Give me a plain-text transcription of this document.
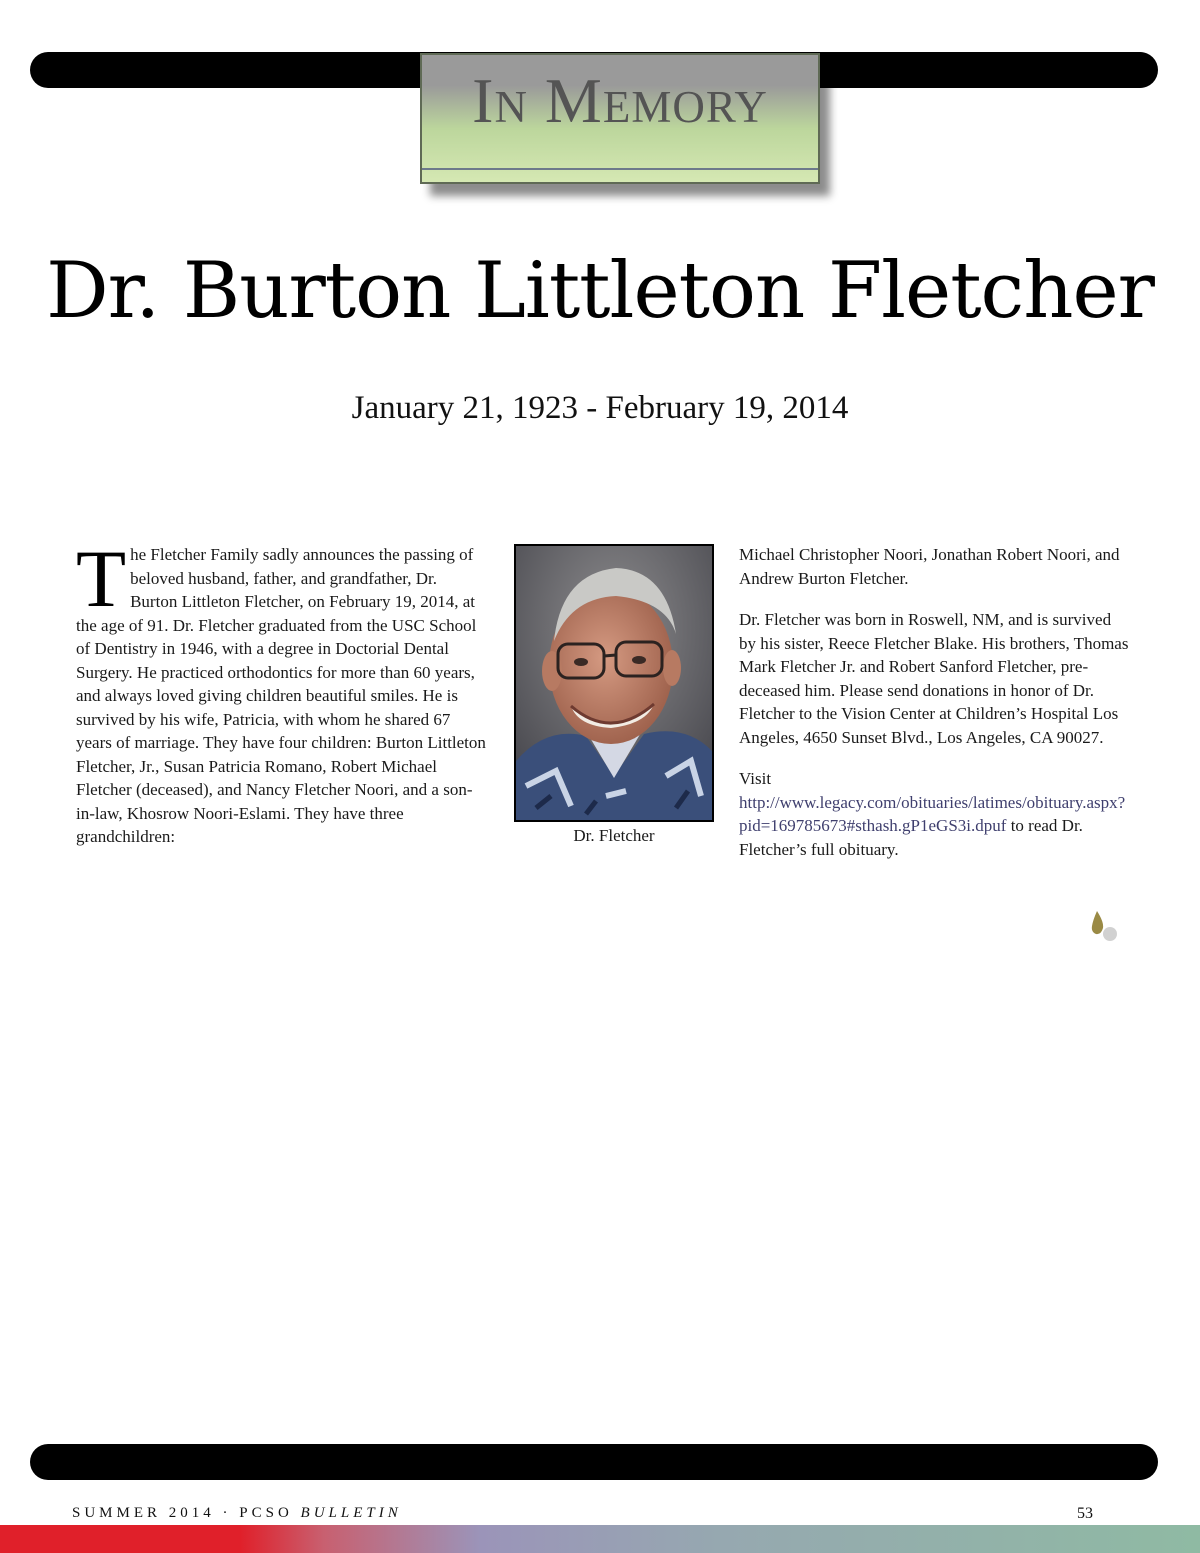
In Memory
Dr. Burton Littleton Fletcher
January 21, 1923 - February 19, 2014

The Fletcher Family sadly announces the passing of beloved husband, father, and grandfather, Dr. Burton Littleton Fletcher, on February 19, 2014, at the age of 91. Dr. Fletcher graduated from the USC School of Dentistry in 1946, with a degree in Doctorial Dental Surgery. He practiced orthodontics for more than 60 years, and always loved giving children beautiful smiles. He is survived by his wife, Patricia, with whom he shared 67 years of marriage. They have four children: Burton Littleton Fletcher, Jr., Susan Patricia Romano, Robert Michael Fletcher (deceased), and Nancy Fletcher Noori, and a son-in-law, Khosrow Noori-Eslami. They have three grandchildren:	Dr. Fletcher

Michael Christopher Noori, Jonathan Robert Noori, and Andrew Burton Fletcher.

Dr. Fletcher was born in Roswell, NM, and is survived by his sister, Reece Fletcher Blake. His brothers, Thomas Mark Fletcher Jr. and Robert Sanford Fletcher, pre-deceased him. Please send donations in honor of Dr. Fletcher to the Vision Center at Children’s Hospital Los Angeles, 4650 Sunset Blvd., Los Angeles, CA 90027.

Visit http://www.legacy.com/obituaries/latimes/obituary.aspx?pid=169785673#sthash.gP1eGS3i.dpuf to read Dr. Fletcher’s full obituary.

SUMMER 2014 · PCSO BULLETIN	53
